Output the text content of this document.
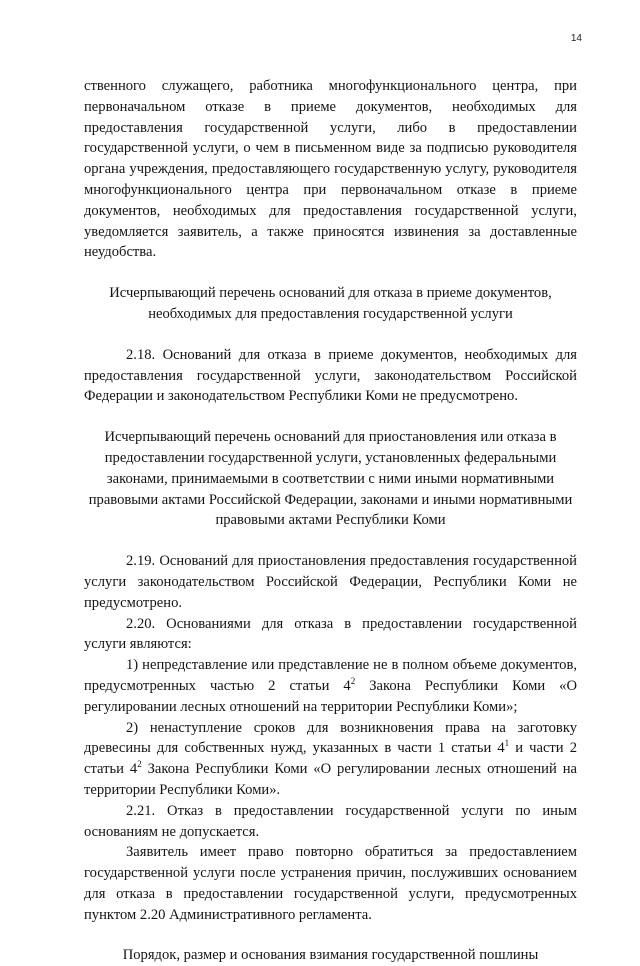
14

ственного служащего, работника многофункционального центра, при первоначальном отказе в приеме документов, необходимых для предоставления государственной услуги, либо в предоставлении государственной услуги, о чем в письменном виде за подписью руководителя органа учреждения, предоставляющего государственную услугу, руководителя многофункционального центра при первоначальном отказе в приеме документов, необходимых для предоставления государственной услуги, уведомляется заявитель, а также приносятся извинения за доставленные неудобства.

Исчерпывающий перечень оснований для отказа в приеме документов, необходимых для предоставления государственной услуги

2.18. Оснований для отказа в приеме документов, необходимых для предоставления государственной услуги, законодательством Российской Федерации и законодательством Республики Коми не предусмотрено.

Исчерпывающий перечень оснований для приостановления или отказа в предоставлении государственной услуги, установленных федеральными законами, принимаемыми в соответствии с ними иными нормативными правовыми актами Российской Федерации, законами и иными нормативными правовыми актами Республики Коми

2.19. Оснований для приостановления предоставления государственной услуги законодательством Российской Федерации, Республики Коми не предусмотрено.

2.20. Основаниями для отказа в предоставлении государственной услуги являются:

1) непредставление или представление не в полном объеме документов, предусмотренных частью 2 статьи $4^2$ Закона Республики Коми «О регулировании лесных отношений на территории Республики Коми»;

2) ненаступление сроков для возникновения права на заготовку древесины для собственных нужд, указанных в части 1 статьи $4^1$ и части 2 статьи $4^2$ Закона Республики Коми «О регулировании лесных отношений на территории Республики Коми».

2.21. Отказ в предоставлении государственной услуги по иным основаниям не допускается.

Заявитель имеет право повторно обратиться за предоставлением государственной услуги после устранения причин, послуживших основанием для отказа в предоставлении государственной услуги, предусмотренных пунктом 2.20 Административного регламента.

Порядок, размер и основания взимания государственной пошлины
